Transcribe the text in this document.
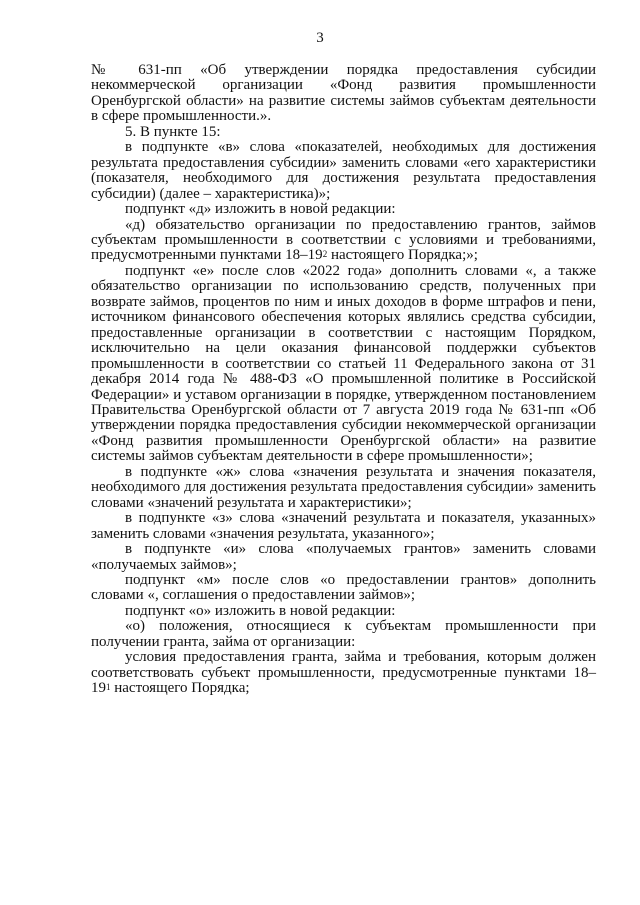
3

№ 631-пп «Об утверждении порядка предоставления субсидии некоммерческой организации «Фонд развития промышленности Оренбургской области» на развитие системы займов субъектам деятельности в сфере промышленности.».

5. В пункте 15:

в подпункте «в» слова «показателей, необходимых для достижения результата предоставления субсидии» заменить словами «его характеристики (показателя, необходимого для достижения результата предоставления субсидии) (далее – характеристика)»;

подпункт «д» изложить в новой редакции:

«д) обязательство организации по предоставлению грантов, займов субъектам промышленности в соответствии с условиями и требованиями, предусмотренными пунктами $18-19^2$ настоящего Порядка;»;

подпункт «е» после слов «2022 года» дополнить словами «, а также обязательство организации по использованию средств, полученных при возврате займов, процентов по ним и иных доходов в форме штрафов и пени, источником финансового обеспечения которых являлись средства субсидии, предоставленные организации в соответствии с настоящим Порядком, исключительно на цели оказания финансовой поддержки субъектов промышленности в соответствии со статьей 11 Федерального закона от 31 декабря 2014 года № 488-ФЗ «О промышленной политике в Российской Федерации» и уставом организации в порядке, утвержденном постановлением Правительства Оренбургской области от 7 августа 2019 года № 631-пп «Об утверждении порядка предоставления субсидии некоммерческой организации «Фонд развития промышленности Оренбургской области» на развитие системы займов субъектам деятельности в сфере промышленности»;

в подпункте «ж» слова «значения результата и значения показателя, необходимого для достижения результата предоставления субсидии» заменить словами «значений результата и характеристики»;

в подпункте «з» слова «значений результата и показателя, указанных» заменить словами «значения результата, указанного»;

в подпункте «и» слова «получаемых грантов» заменить словами «получаемых займов»;

подпункт «м» после слов «о предоставлении грантов» дополнить словами «, соглашения о предоставлении займов»;

подпункт «о» изложить в новой редакции:

«о) положения, относящиеся к субъектам промышленности при получении гранта, займа от организации:

условия предоставления гранта, займа и требования, которым должен соответствовать субъект промышленности, предусмотренные пунктами $18-19^1$ настоящего Порядка;
